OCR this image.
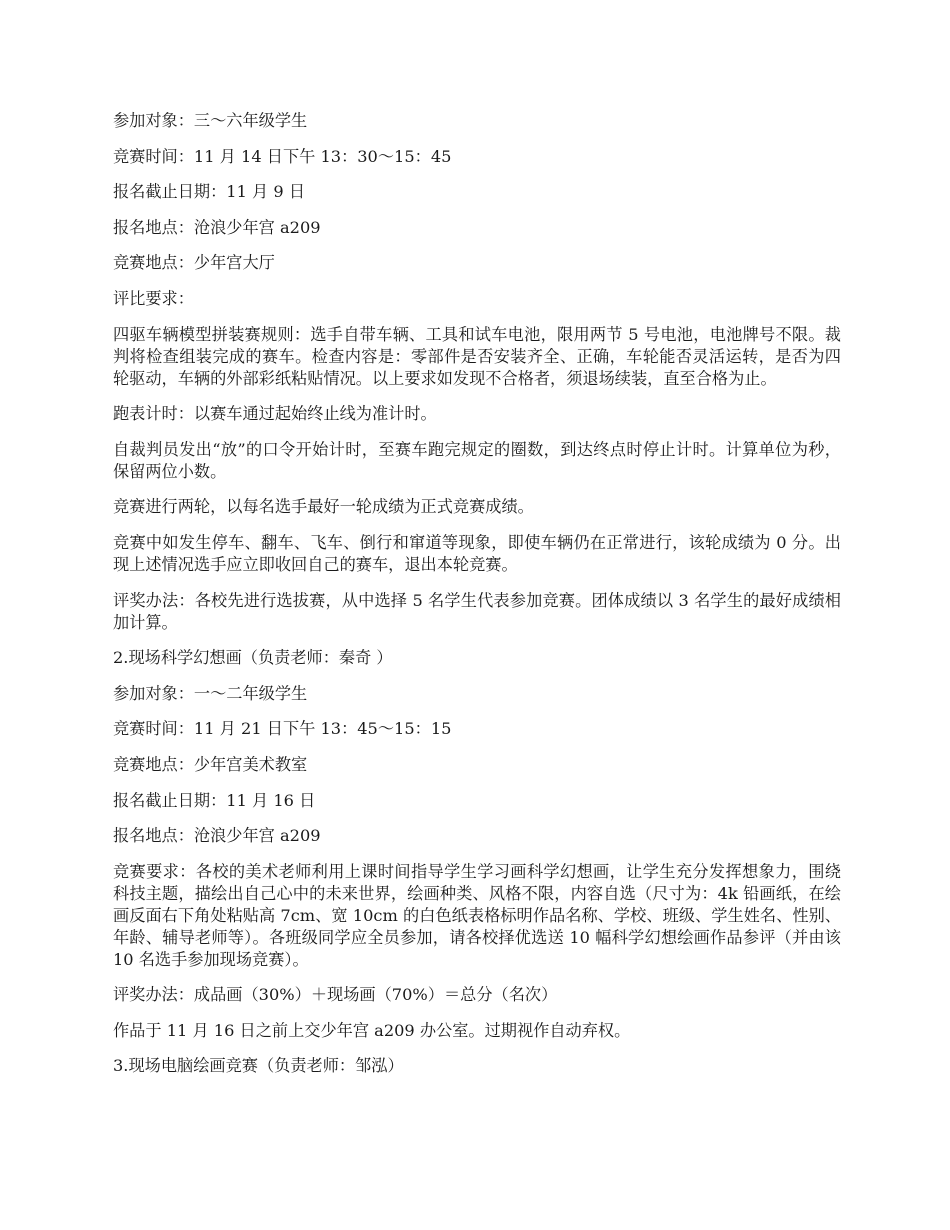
参加对象：三～六年级学生

竞赛时间：11 月 14 日下午 13：30～15：45

报名截止日期：11 月 9 日

报名地点：沧浪少年宫 a209

竞赛地点：少年宫大厅

评比要求：

四驱车辆模型拼装赛规则：选手自带车辆、工具和试车电池，限用两节 5 号电池，电池牌号不限。裁判将检查组装完成的赛车。检查内容是：零部件是否安装齐全、正确，车轮能否灵活运转，是否为四轮驱动，车辆的外部彩纸粘贴情况。以上要求如发现不合格者，须退场续装，直至合格为止。

跑表计时：以赛车通过起始终止线为准计时。

自裁判员发出“放”的口令开始计时，至赛车跑完规定的圈数，到达终点时停止计时。计算单位为秒，保留两位小数。

竞赛进行两轮，以每名选手最好一轮成绩为正式竞赛成绩。

竞赛中如发生停车、翻车、飞车、倒行和窜道等现象，即使车辆仍在正常进行，该轮成绩为 0 分。出现上述情况选手应立即收回自己的赛车，退出本轮竞赛。

评奖办法：各校先进行选拔赛，从中选择 5 名学生代表参加竞赛。团体成绩以 3 名学生的最好成绩相加计算。

2.现场科学幻想画（负责老师：秦奇 ）

参加对象：一～二年级学生

竞赛时间：11 月 21 日下午 13：45～15：15

竞赛地点：少年宫美术教室

报名截止日期：11 月 16 日

报名地点：沧浪少年宫 a209

竞赛要求：各校的美术老师利用上课时间指导学生学习画科学幻想画，让学生充分发挥想象力，围绕科技主题，描绘出自己心中的未来世界，绘画种类、风格不限，内容自选（尺寸为：4k 铅画纸，在绘画反面右下角处粘贴高 7cm、宽 10cm 的白色纸表格标明作品名称、学校、班级、学生姓名、性别、年龄、辅导老师等）。各班级同学应全员参加，请各校择优选送 10 幅科学幻想绘画作品参评（并由该 10 名选手参加现场竞赛）。

评奖办法：成品画（30%）＋现场画（70%）＝总分（名次）

作品于 11 月 16 日之前上交少年宫 a209 办公室。过期视作自动弃权。

3.现场电脑绘画竞赛（负责老师：邹泓）
